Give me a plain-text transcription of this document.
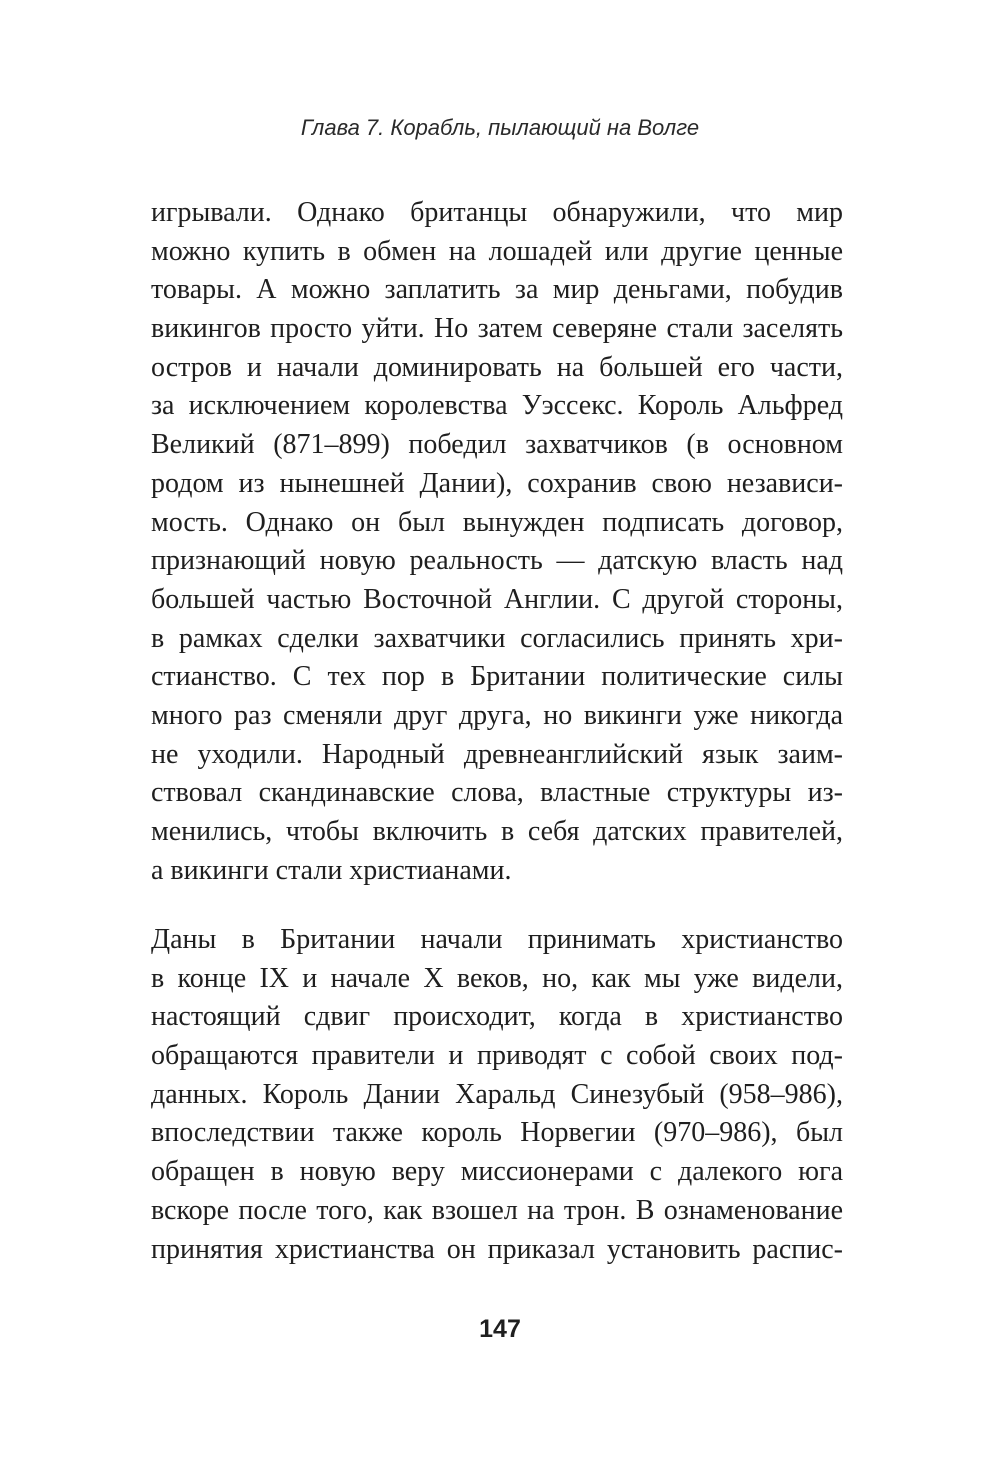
Глава 7. Корабль, пылающий на Волге
игрывали. Однако британцы обнаружили, что мир
можно купить в обмен на лошадей или другие ценные
товары. А можно заплатить за мир деньгами, побудив
викингов просто уйти. Но затем северяне стали заселять
остров и начали доминировать на большей его части,
за исключением королевства Уэссекс. Король Альфред
Великий (871–899) победил захватчиков (в основном
родом из нынешней Дании), сохранив свою независи-
мость. Однако он был вынужден подписать договор,
признающий новую реальность — датскую власть над
большей частью Восточной Англии. С другой стороны,
в рамках сделки захватчики согласились принять хри-
стианство. С тех пор в Британии политические силы
много раз сменяли друг друга, но викинги уже никогда
не уходили. Народный древнеанглийский язык заим-
ствовал скандинавские слова, властные структуры из-
менились, чтобы включить в себя датских правителей,
а викинги стали христианами.
Даны в Британии начали принимать христианство
в конце IX и начале X веков, но, как мы уже видели,
настоящий сдвиг происходит, когда в христианство
обращаются правители и приводят с собой своих под-
данных. Король Дании Харальд Синезубый (958–986),
впоследствии также король Норвегии (970–986), был
обращен в новую веру миссионерами с далекого юга
вскоре после того, как взошел на трон. В ознаменование
принятия христианства он приказал установить распис-
147
